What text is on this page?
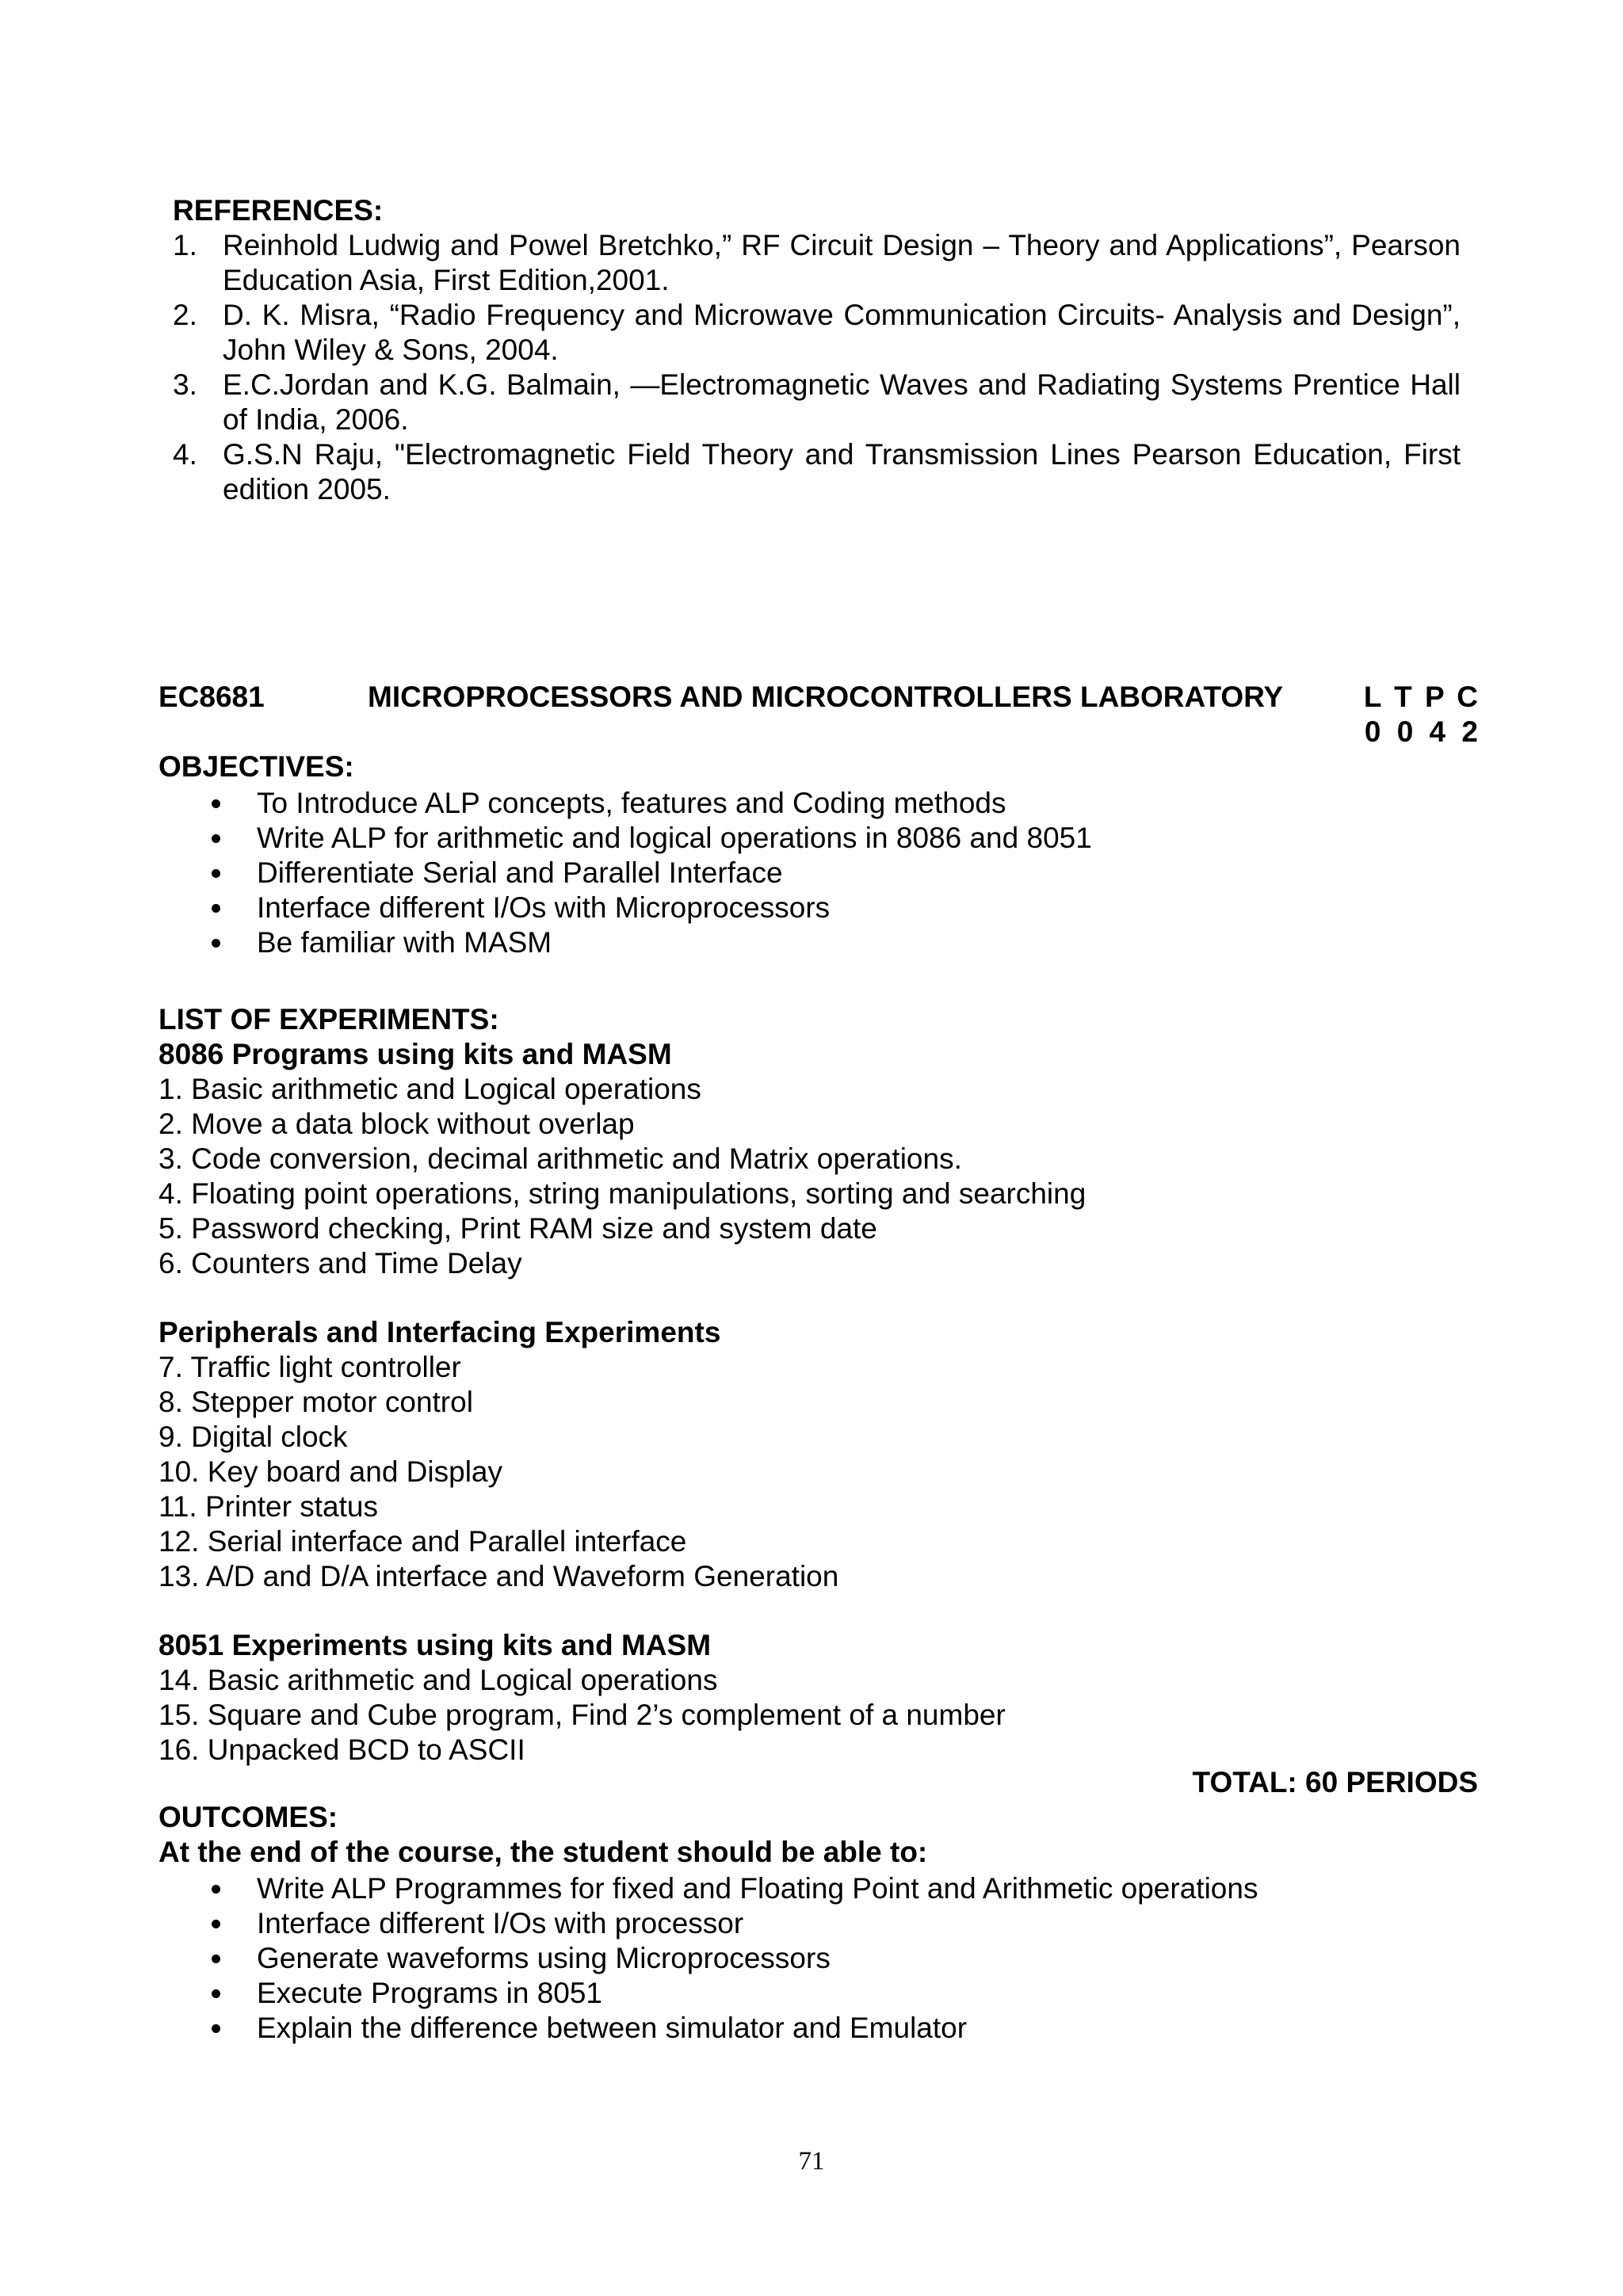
REFERENCES:
1. Reinhold Ludwig and Powel Bretchko,” RF Circuit Design – Theory and Applications”, Pearson Education Asia, First Edition,2001.
2. D. K. Misra, “Radio Frequency and Microwave Communication Circuits- Analysis and Design”, John Wiley & Sons, 2004.
3. E.C.Jordan and K.G. Balmain, ―Electromagnetic Waves and Radiating Systems Prentice Hall of India, 2006.
4. G.S.N Raju, "Electromagnetic Field Theory and Transmission Lines Pearson Education, First edition 2005.
EC8681	MICROPROCESSORS AND MICROCONTROLLERS LABORATORY	L T P C
0 0 4 2
OBJECTIVES:
To Introduce ALP concepts, features and Coding methods
Write ALP for arithmetic and logical operations in 8086 and 8051
Differentiate Serial and Parallel Interface
Interface different I/Os with Microprocessors
Be familiar with MASM
LIST OF EXPERIMENTS:
8086 Programs using kits and MASM
1. Basic arithmetic and Logical operations
2. Move a data block without overlap
3. Code conversion, decimal arithmetic and Matrix operations.
4. Floating point operations, string manipulations, sorting and searching
5. Password checking, Print RAM size and system date
6. Counters and Time Delay
Peripherals and Interfacing Experiments
7. Traffic light controller
8. Stepper motor control
9. Digital clock
10. Key board and Display
11. Printer status
12. Serial interface and Parallel interface
13. A/D and D/A interface and Waveform Generation
8051 Experiments using kits and MASM
14. Basic arithmetic and Logical operations
15. Square and Cube program, Find 2’s complement of a number
16. Unpacked BCD to ASCII
TOTAL: 60 PERIODS
OUTCOMES:
At the end of the course, the student should be able to:
Write ALP Programmes for fixed and Floating Point and Arithmetic operations
Interface different I/Os with processor
Generate waveforms using Microprocessors
Execute Programs in 8051
Explain the difference between simulator and Emulator
71
